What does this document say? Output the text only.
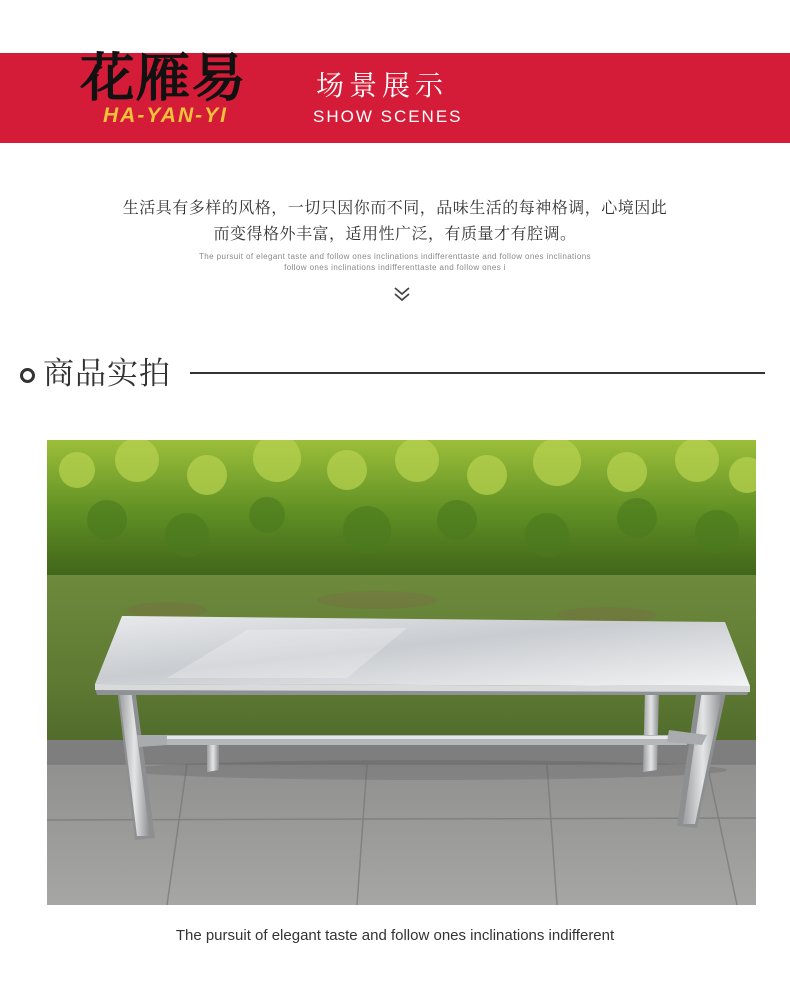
花雁易
HA-YAN-YI
场景展示
SHOW SCENES
生活具有多样的风格，一切只因你而不同，品味生活的每神格调，心境因此
而变得格外丰富，适用性广泛，有质量才有腔调。
The pursuit of elegant taste and follow ones inclinations indifferenttaste and follow ones inclinations
follow ones inclinations indifferenttaste and follow ones i
商品实拍
The pursuit of elegant taste and follow ones inclinations indifferent
